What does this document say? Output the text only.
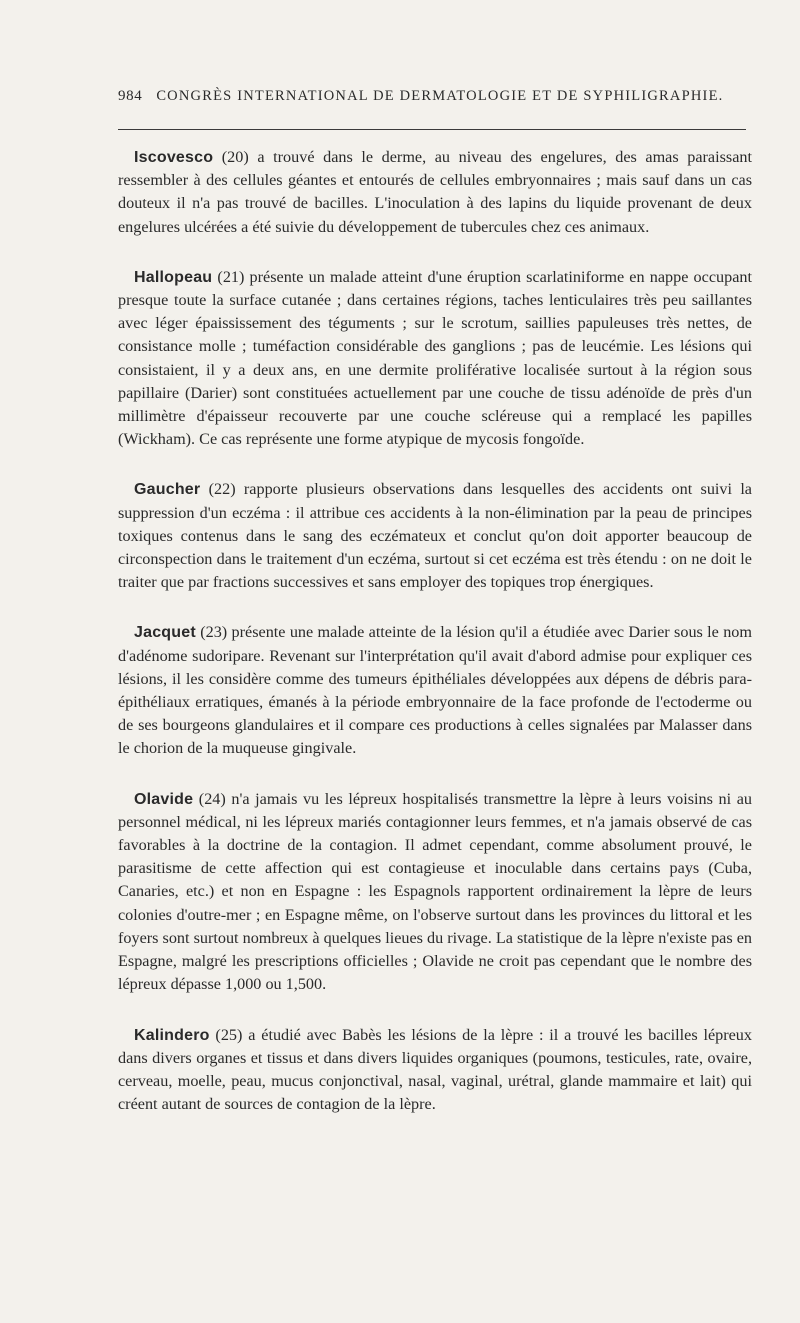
984 CONGRÈS INTERNATIONAL DE DERMATOLOGIE ET DE SYPHILIGRAPHIE.

Iscovesco (20) a trouvé dans le derme, au niveau des engelures, des amas paraissant ressembler à des cellules géantes et entourés de cellules embryonnaires ; mais sauf dans un cas douteux il n'a pas trouvé de bacilles. L'inoculation à des lapins du liquide provenant de deux engelures ulcérées a été suivie du développement de tubercules chez ces animaux.

Hallopeau (21) présente un malade atteint d'une éruption scarlatiniforme en nappe occupant presque toute la surface cutanée ; dans certaines régions, taches lenticulaires très peu saillantes avec léger épaississement des téguments ; sur le scrotum, saillies papuleuses très nettes, de consistance molle ; tuméfaction considérable des ganglions ; pas de leucémie. Les lésions qui consistaient, il y a deux ans, en une dermite proliférative localisée surtout à la région sous papillaire (Darier) sont constituées actuellement par une couche de tissu adénoïde de près d'un millimètre d'épaisseur recouverte par une couche scléreuse qui a remplacé les papilles (Wickham). Ce cas représente une forme atypique de mycosis fongoïde.

Gaucher (22) rapporte plusieurs observations dans lesquelles des accidents ont suivi la suppression d'un eczéma : il attribue ces accidents à la non-élimination par la peau de principes toxiques contenus dans le sang des eczémateux et conclut qu'on doit apporter beaucoup de circonspection dans le traitement d'un eczéma, surtout si cet eczéma est très étendu : on ne doit le traiter que par fractions successives et sans employer des topiques trop énergiques.

Jacquet (23) présente une malade atteinte de la lésion qu'il a étudiée avec Darier sous le nom d'adénome sudoripare. Revenant sur l'interprétation qu'il avait d'abord admise pour expliquer ces lésions, il les considère comme des tumeurs épithéliales développées aux dépens de débris para-épithéliaux erratiques, émanés à la période embryonnaire de la face profonde de l'ectoderme ou de ses bourgeons glandulaires et il compare ces productions à celles signalées par Malasser dans le chorion de la muqueuse gingivale.

Olavide (24) n'a jamais vu les lépreux hospitalisés transmettre la lèpre à leurs voisins ni au personnel médical, ni les lépreux mariés contagionner leurs femmes, et n'a jamais observé de cas favorables à la doctrine de la contagion. Il admet cependant, comme absolument prouvé, le parasitisme de cette affection qui est contagieuse et inoculable dans certains pays (Cuba, Canaries, etc.) et non en Espagne : les Espagnols rapportent ordinairement la lèpre de leurs colonies d'outre-mer ; en Espagne même, on l'observe surtout dans les provinces du littoral et les foyers sont surtout nombreux à quelques lieues du rivage. La statistique de la lèpre n'existe pas en Espagne, malgré les prescriptions officielles ; Olavide ne croit pas cependant que le nombre des lépreux dépasse 1,000 ou 1,500.

Kalindero (25) a étudié avec Babès les lésions de la lèpre : il a trouvé les bacilles lépreux dans divers organes et tissus et dans divers liquides organiques (poumons, testicules, rate, ovaire, cerveau, moelle, peau, mucus conjonctival, nasal, vaginal, urétral, glande mammaire et lait) qui créent autant de sources de contagion de la lèpre.
